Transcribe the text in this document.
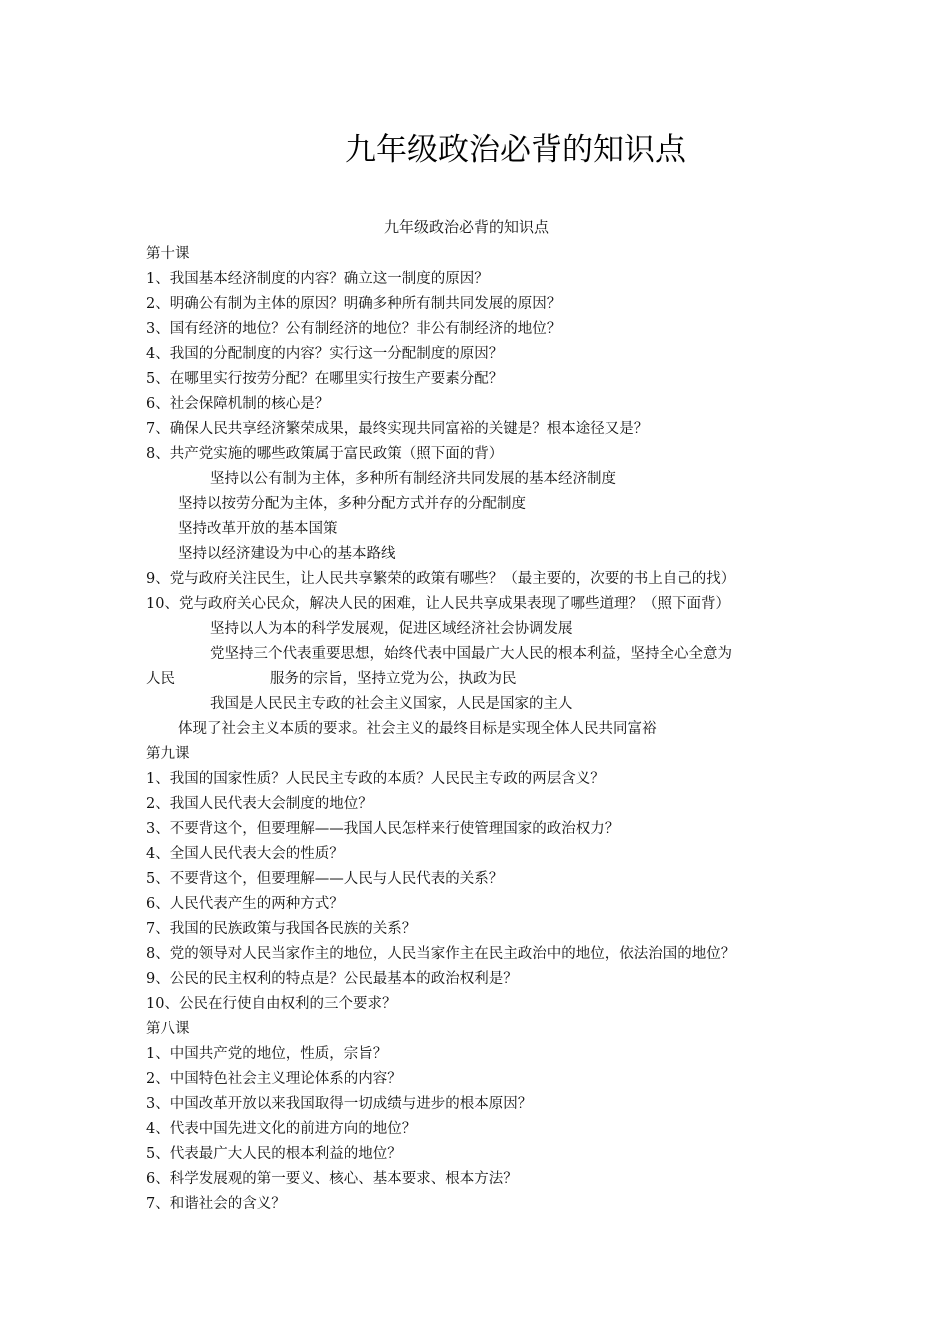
九年级政治必背的知识点
九年级政治必背的知识点
第十课
1、我国基本经济制度的内容？确立这一制度的原因？
2、明确公有制为主体的原因？明确多种所有制共同发展的原因？
3、国有经济的地位？公有制经济的地位？非公有制经济的地位？
4、我国的分配制度的内容？实行这一分配制度的原因？
5、在哪里实行按劳分配？在哪里实行按生产要素分配？
6、社会保障机制的核心是？
7、确保人民共享经济繁荣成果，最终实现共同富裕的关键是？根本途径又是？
8、共产党实施的哪些政策属于富民政策（照下面的背）
坚持以公有制为主体，多种所有制经济共同发展的基本经济制度
坚持以按劳分配为主体，多种分配方式并存的分配制度
坚持改革开放的基本国策
坚持以经济建设为中心的基本路线
9、党与政府关注民生，让人民共享繁荣的政策有哪些？（最主要的，次要的书上自己的找）
10、党与政府关心民众，解决人民的困难，让人民共享成果表现了哪些道理？（照下面背）
坚持以人为本的科学发展观，促进区域经济社会协调发展
党坚持三个代表重要思想，始终代表中国最广大人民的根本利益，坚持全心全意为
人民	服务的宗旨，坚持立党为公，执政为民
我国是人民民主专政的社会主义国家，人民是国家的主人
体现了社会主义本质的要求。社会主义的最终目标是实现全体人民共同富裕
第九课
1、我国的国家性质？人民民主专政的本质？人民民主专政的两层含义？
2、我国人民代表大会制度的地位？
3、不要背这个，但要理解——我国人民怎样来行使管理国家的政治权力？
4、全国人民代表大会的性质？
5、不要背这个，但要理解——人民与人民代表的关系？
6、人民代表产生的两种方式？
7、我国的民族政策与我国各民族的关系？
8、党的领导对人民当家作主的地位，人民当家作主在民主政治中的地位，依法治国的地位？
9、公民的民主权利的特点是？公民最基本的政治权利是？
10、公民在行使自由权利的三个要求？
第八课
1、中国共产党的地位，性质，宗旨？
2、中国特色社会主义理论体系的内容？
3、中国改革开放以来我国取得一切成绩与进步的根本原因？
4、代表中国先进文化的前进方向的地位？
5、代表最广大人民的根本利益的地位？
6、科学发展观的第一要义、核心、基本要求、根本方法？
7、和谐社会的含义？
